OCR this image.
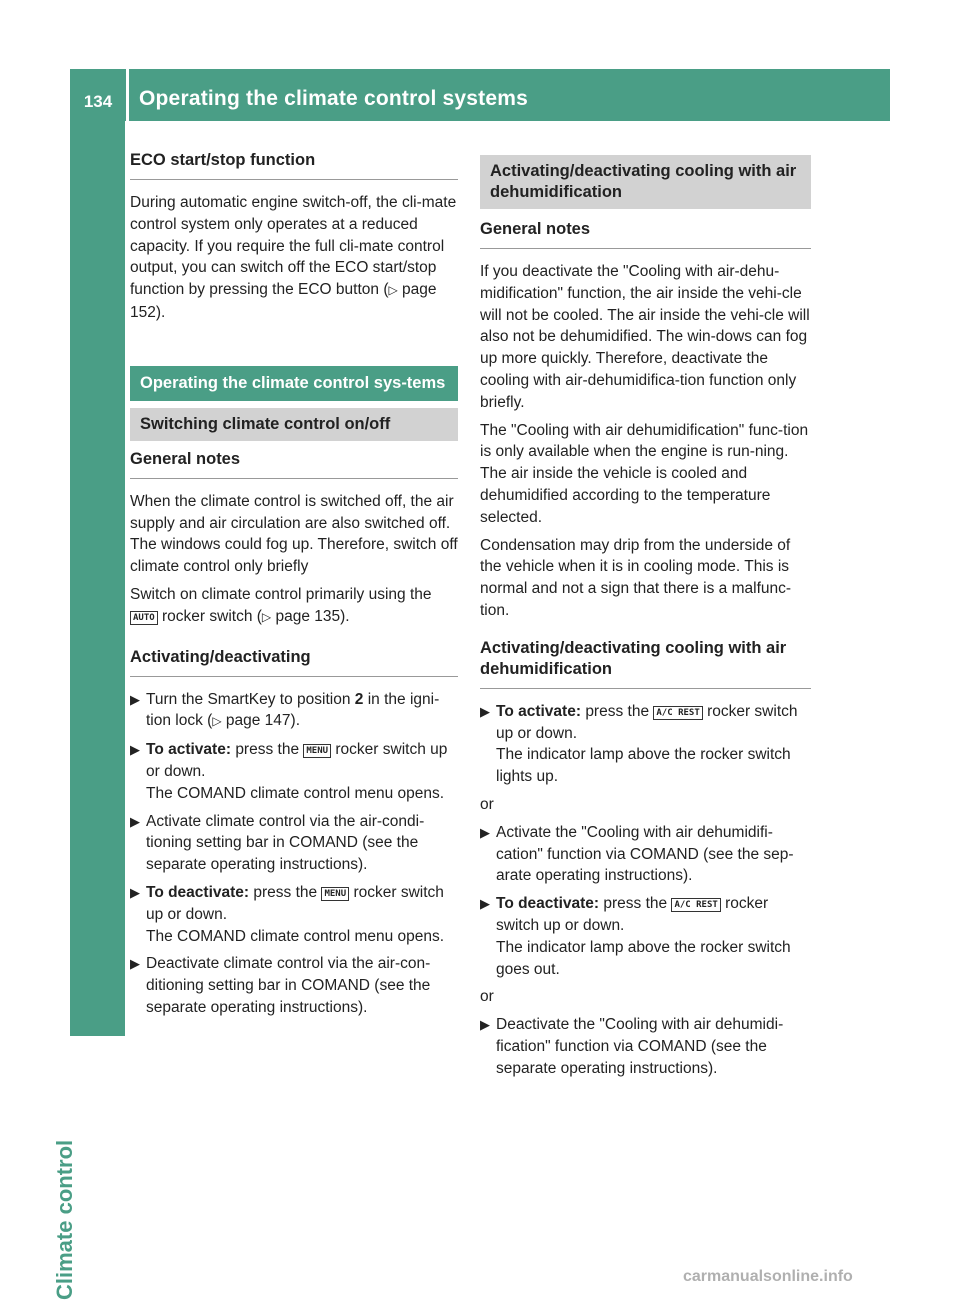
134	Operating the climate control systems
Climate control
ECO start/stop function

During automatic engine switch-off, the cli-mate control system only operates at a reduced capacity. If you require the full cli-mate control output, you can switch off the ECO start/stop function by pressing the ECO button (▷ page 152).

Operating the climate control sys-tems
Switching climate control on/off
General notes

When the climate control is switched off, the air supply and air circulation are also switched off. The windows could fog up. Therefore, switch off climate control only briefly

Switch on climate control primarily using the AUTO rocker switch (▷ page 135).

Activating/deactivating
▶ Turn the SmartKey to position 2 in the igni-tion lock (▷ page 147).
▶ To activate: press the MENU rocker switch up or down.
The COMAND climate control menu opens.
▶ Activate climate control via the air-condi-tioning setting bar in COMAND (see the separate operating instructions).
▶ To deactivate: press the MENU rocker switch up or down.
The COMAND climate control menu opens.
▶ Deactivate climate control via the air-con-ditioning setting bar in COMAND (see the separate operating instructions).
Activating/deactivating cooling with air dehumidification
General notes

If you deactivate the "Cooling with air-dehu-midification" function, the air inside the vehi-cle will not be cooled. The air inside the vehi-cle will also not be dehumidified. The win-dows can fog up more quickly. Therefore, deactivate the cooling with air-dehumidifica-tion function only briefly.

The "Cooling with air dehumidification" func-tion is only available when the engine is run-ning. The air inside the vehicle is cooled and dehumidified according to the temperature selected.

Condensation may drip from the underside of the vehicle when it is in cooling mode. This is normal and not a sign that there is a malfunc-tion.

Activating/deactivating cooling with air dehumidification
▶ To activate: press the A/C REST rocker switch up or down.
The indicator lamp above the rocker switch lights up.

or

▶ Activate the "Cooling with air dehumidifi-cation" function via COMAND (see the sep-arate operating instructions).
▶ To deactivate: press the A/C REST rocker switch up or down.
The indicator lamp above the rocker switch goes out.

or

▶ Deactivate the "Cooling with air dehumidi-fication" function via COMAND (see the separate operating instructions).
carmanualsonline.info
